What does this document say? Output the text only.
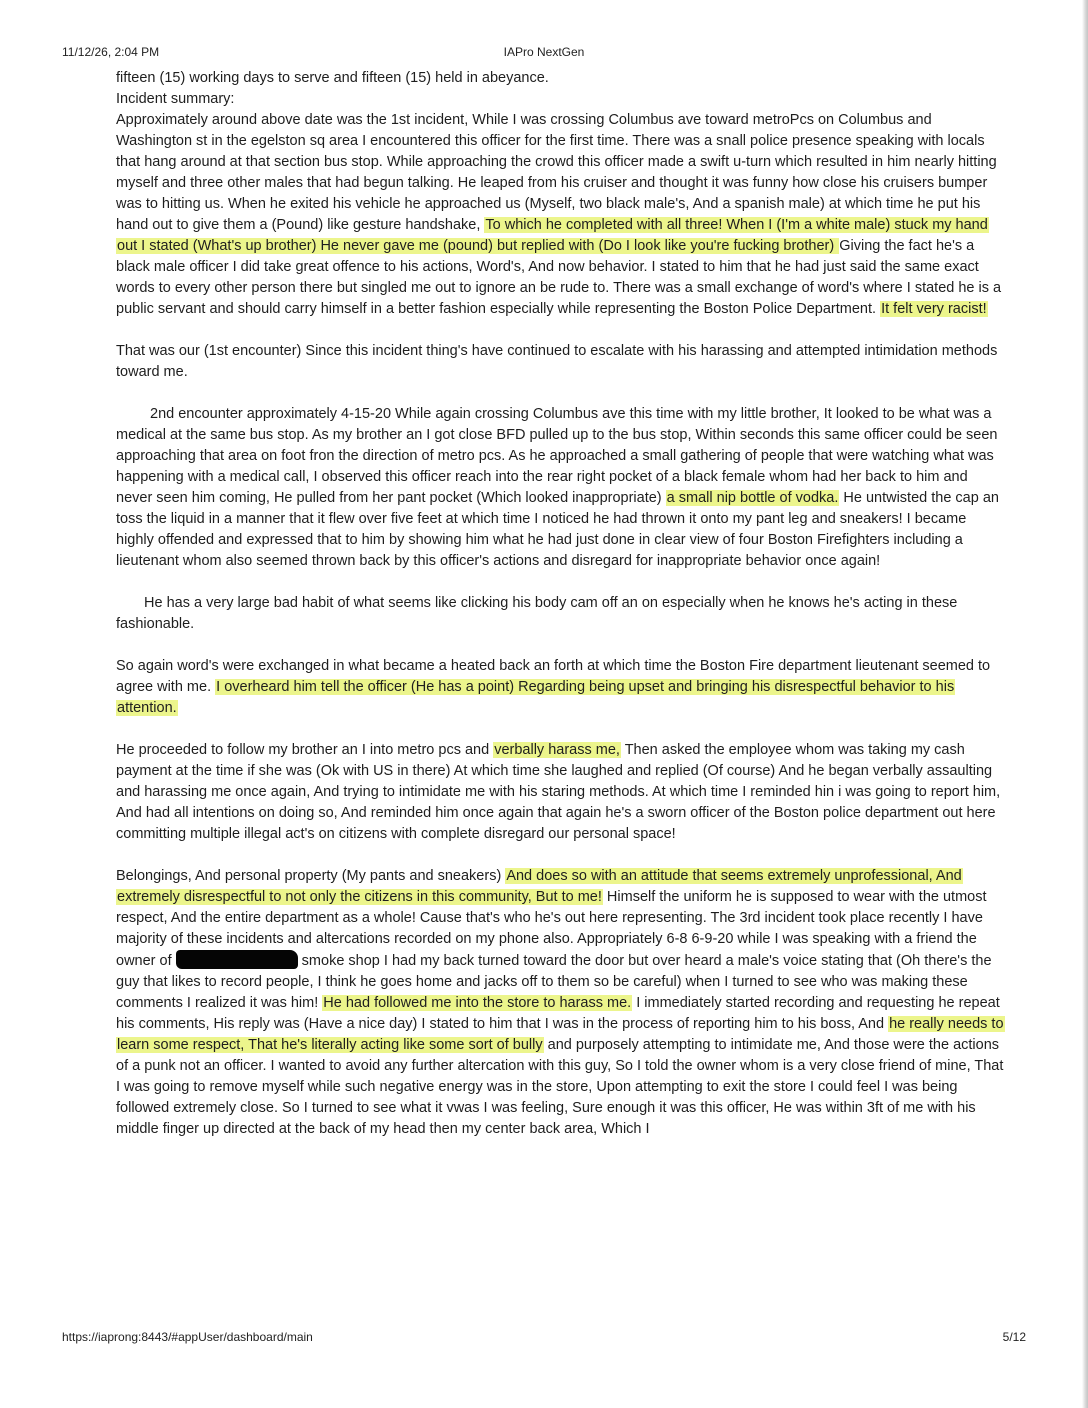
11/12/26, 2:04 PM	IAPro NextGen

fifteen (15) working days to serve and fifteen (15) held in abeyance.

Incident summary:

Approximately around above date was the 1st incident, While I was crossing Columbus ave toward metroPcs on Columbus and Washington st in the egelston sq area I encountered this officer for the first time. There was a snall police presence speaking with locals that hang around at that section bus stop. While approaching the crowd this officer made a swift u-turn which resulted in him nearly hitting myself and three other males that had begun talking. He leaped from his cruiser and thought it was funny how close his cruisers bumper was to hitting us. When he exited his vehicle he approached us (Myself, two black male's, And a spanish male) at which time he put his hand out to give them a (Pound) like gesture handshake, To which he completed with all three! When I (I'm a white male) stuck my hand out I stated (What's up brother) He never gave me (pound) but replied with (Do I look like you're fucking brother) Giving the fact he's a black male officer I did take great offence to his actions, Word's, And now behavior. I stated to him that he had just said the same exact words to every other person there but singled me out to ignore an be rude to. There was a small exchange of word's where I stated he is a public servant and should carry himself in a better fashion especially while representing the Boston Police Department. It felt very racist!

That was our (1st encounter) Since this incident thing's have continued to escalate with his harassing and attempted intimidation methods toward me.

2nd encounter approximately 4-15-20 While again crossing Columbus ave this time with my little brother, It looked to be what was a medical at the same bus stop. As my brother an I got close BFD pulled up to the bus stop, Within seconds this same officer could be seen approaching that area on foot fron the direction of metro pcs. As he approached a small gathering of people that were watching what was happening with a medical call, I observed this officer reach into the rear right pocket of a black female whom had her back to him and never seen him coming, He pulled from her pant pocket (Which looked inappropriate) a small nip bottle of vodka. He untwisted the cap an toss the liquid in a manner that it flew over five feet at which time I noticed he had thrown it onto my pant leg and sneakers! I became highly offended and expressed that to him by showing him what he had just done in clear view of four Boston Firefighters including a lieutenant whom also seemed thrown back by this officer's actions and disregard for inappropriate behavior once again!

He has a very large bad habit of what seems like clicking his body cam off an on especially when he knows he's acting in these fashionable.

So again word's were exchanged in what became a heated back an forth at which time the Boston Fire department lieutenant seemed to agree with me. I overheard him tell the officer (He has a point) Regarding being upset and bringing his disrespectful behavior to his attention.

He proceeded to follow my brother an I into metro pcs and verbally harass me, Then asked the employee whom was taking my cash payment at the time if she was (Ok with US in there) At which time she laughed and replied (Of course) And he began verbally assaulting and harassing me once again, And trying to intimidate me with his staring methods. At which time I reminded hin i was going to report him, And had all intentions on doing so, And reminded him once again that again he's a sworn officer of the Boston police department out here committing multiple illegal act's on citizens with complete disregard our personal space!

Belongings, And personal property (My pants and sneakers) And does so with an attitude that seems extremely unprofessional, And extremely disrespectful to not only the citizens in this community, But to me! Himself the uniform he is supposed to wear with the utmost respect, And the entire department as a whole! Cause that's who he's out here representing. The 3rd incident took place recently I have majority of these incidents and altercations recorded on my phone also. Appropriately 6-8 6-9-20 while I was speaking with a friend the owner of	smoke shop I had my back turned toward the door but over heard a male's voice stating that (Oh there's the guy that likes to record people, I think he goes home and jacks off to them so be careful) when I turned to see who was making these comments I realized it was him! He had followed me into the store to harass me. I immediately started recording and requesting he repeat his comments, His reply was (Have a nice day) I stated to him that I was in the process of reporting him to his boss, And he really needs to learn some respect, That he's literally acting like some sort of bully and purposely attempting to intimidate me, And those were the actions of a punk not an officer. I wanted to avoid any further altercation with this guy, So I told the owner whom is a very close friend of mine, That I was going to remove myself while such negative energy was in the store, Upon attempting to exit the store I could feel I was being followed extremely close. So I turned to see what it vwas I was feeling, Sure enough it was this officer, He was within 3ft of me with his middle finger up directed at the back of my head then my center back area, Which I

https://iaprong:8443/#appUser/dashboard/main	5/12
